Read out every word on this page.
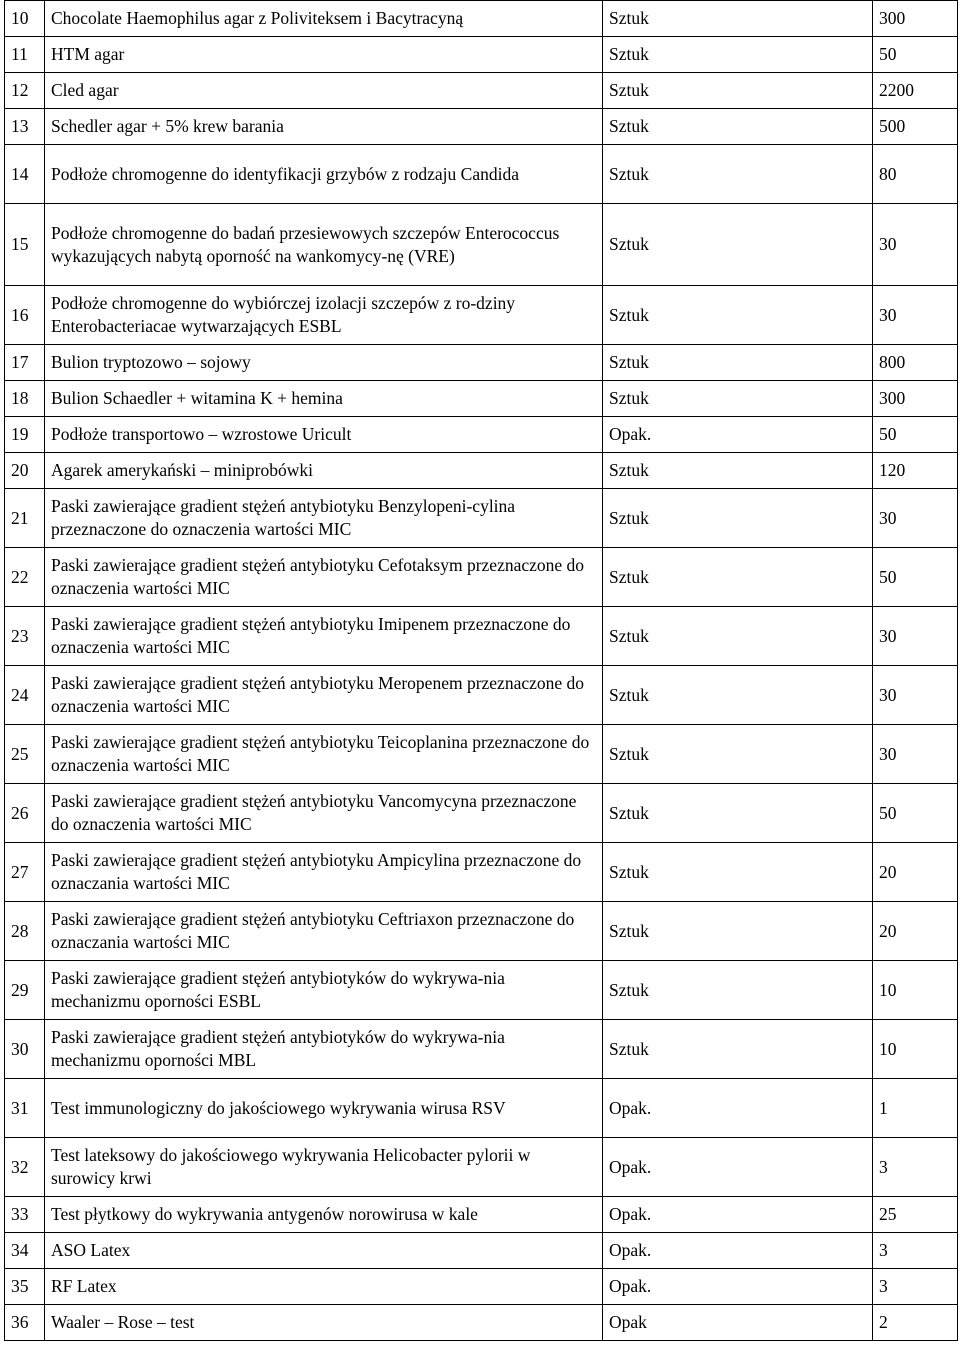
10	Chocolate Haemophilus agar z Poliviteksem i Bacytracyną	Sztuk	300
11	HTM agar	Sztuk	50
12	Cled agar	Sztuk	2200
13	Schedler agar + 5% krew barania	Sztuk	500
14	Podłoże chromogenne do identyfikacji grzybów z rodzaju Candida	Sztuk	80
15	Podłoże chromogenne do badań przesiewowych szczepów Enterococcus wykazujących nabytą oporność na wankomycy-nę (VRE)	Sztuk	30
16	Podłoże chromogenne do wybiórczej izolacji szczepów z ro-dziny Enterobacteriacae wytwarzających ESBL	Sztuk	30
17	Bulion tryptozowo – sojowy	Sztuk	800
18	Bulion Schaedler + witamina K + hemina	Sztuk	300
19	Podłoże transportowo – wzrostowe Uricult	Opak.	50
20	Agarek amerykański – miniprobówki	Sztuk	120
21	Paski zawierające gradient stężeń antybiotyku Benzylopeni-cylina przeznaczone do oznaczenia wartości MIC	Sztuk	30
22	Paski zawierające gradient stężeń antybiotyku Cefotaksym przeznaczone do oznaczenia wartości MIC	Sztuk	50
23	Paski zawierające gradient stężeń antybiotyku Imipenem przeznaczone do oznaczenia wartości MIC	Sztuk	30
24	Paski zawierające gradient stężeń antybiotyku Meropenem przeznaczone do oznaczenia wartości MIC	Sztuk	30
25	Paski zawierające gradient stężeń antybiotyku Teicoplanina przeznaczone do oznaczenia wartości MIC	Sztuk	30
26	Paski zawierające gradient stężeń antybiotyku Vancomycyna przeznaczone do oznaczenia wartości MIC	Sztuk	50
27	Paski zawierające gradient stężeń antybiotyku Ampicylina przeznaczone do oznaczania wartości MIC	Sztuk	20
28	Paski zawierające gradient stężeń antybiotyku Ceftriaxon przeznaczone do oznaczania wartości MIC	Sztuk	20
29	Paski zawierające gradient stężeń antybiotyków do wykrywa-nia mechanizmu oporności ESBL	Sztuk	10
30	Paski zawierające gradient stężeń antybiotyków do wykrywa-nia mechanizmu oporności MBL	Sztuk	10
31	Test immunologiczny do jakościowego wykrywania wirusa RSV	Opak.	1
32	Test lateksowy do jakościowego wykrywania Helicobacter pylorii w surowicy krwi	Opak.	3
33	Test płytkowy do wykrywania antygenów norowirusa w kale	Opak.	25
34	ASO Latex	Opak.	3
35	RF Latex	Opak.	3
36	Waaler – Rose – test	Opak	2
